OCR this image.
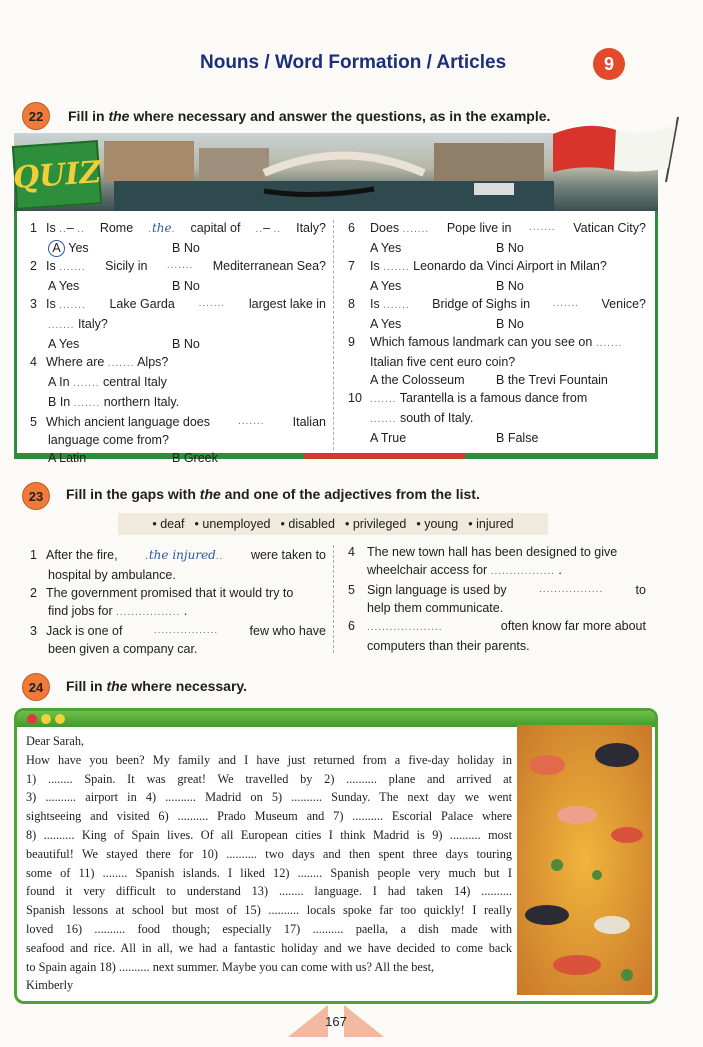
Nouns / Word Formation / Articles	9
22	Fill in the where necessary and answer the questions, as in the example.
QUIZ
1 Is ..– .. Rome .the. capital of ..– .. Italy?
A Yes	B No
2 Is ....... Sicily in ....... Mediterranean Sea?
A Yes	B No
3 Is ....... Lake Garda ....... largest lake in
....... Italy?
A Yes	B No
4 Where are ....... Alps?
A In ....... central Italy
B In ....... northern Italy.
5 Which ancient language does	....... Italian
language come from?
A Latin	B Greek
6 Does ....... Pope live in ....... Vatican City?
A Yes	B No
7 Is ....... Leonardo da Vinci Airport in Milan?
A Yes	B No
8 Is ....... Bridge of Sighs in ....... Venice?
A Yes	B No
9 Which famous landmark can you see on .......
Italian five cent euro coin?
A the Colosseum	B the Trevi Fountain
10 ....... Tarantella is a famous dance from
....... south of Italy.
A True	B False
23	Fill in the gaps with the and one of the adjectives from the list.
• deaf • unemployed • disabled • privileged • young • injured
1 After the fire,	.the injured.. were taken to
hospital by ambulance.
2 The government promised that it would try to
find jobs for ................. .
3 Jack is one of	.................	few who have
been given a company car.
4 The new town hall has been designed to give
wheelchair access for ................. .
5 Sign language is used by	.................	to
help them communicate.
6 ....................	often know far more about
computers than their parents.
24	Fill in the where necessary.
Dear Sarah,
How have you been? My family and I have just returned from a five-day holiday in
1) ........ Spain. It was great! We travelled by 2) .......... plane and arrived at
3) .......... airport in 4) .......... Madrid on 5) .......... Sunday. The next day we went
sightseeing and visited 6) .......... Prado Museum and 7) .......... Escorial Palace where
8) .......... King of Spain lives. Of all European cities I think Madrid is 9) .......... most
beautiful! We stayed there for 10) .......... two days and then spent three days touring
some of 11) ........ Spanish islands. I liked 12) ........ Spanish people very much but I
found it very difficult to understand 13) ........ language. I had taken 14) ..........
Spanish lessons at school but most of 15) .......... locals spoke far too quickly! I really
loved 16) .......... food though; especially 17) .......... paella, a dish made with
seafood and rice. All in all, we had a fantastic holiday and we have decided to come back
to Spain again 18) .......... next summer. Maybe you can come with us? All the best,
Kimberly
167
